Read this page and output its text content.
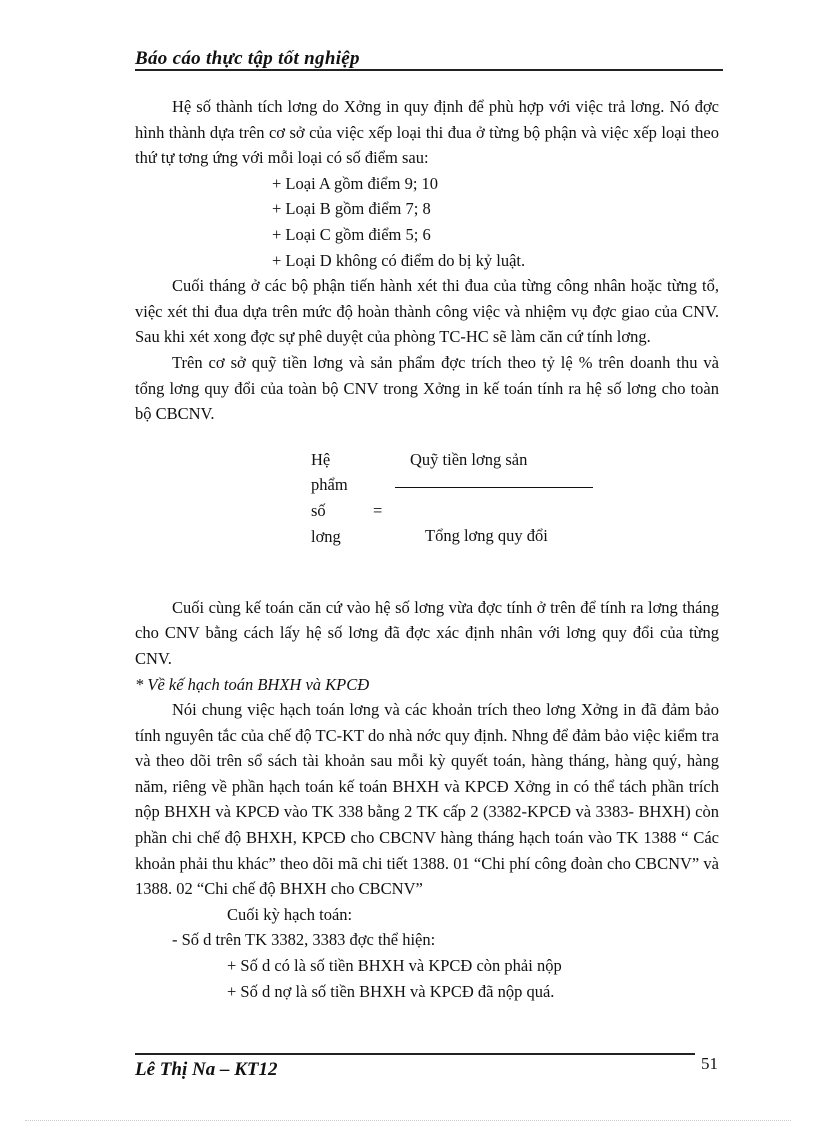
Báo cáo thực tập tốt nghiệp

Hệ số thành tích lơng do Xởng in quy định để phù hợp với việc trả lơng. Nó đợc hình thành dựa trên cơ sở của việc xếp loại thi đua ở từng bộ phận và việc xếp loại theo thứ tự tơng ứng với mỗi loại có số điểm sau:

+ Loại A gồm điểm 9; 10

+ Loại B gồm điểm 7; 8

+ Loại C gồm điểm 5; 6

+ Loại D không có điểm do bị kỷ luật.

Cuối tháng ở các bộ phận tiến hành xét thi đua của từng công nhân hoặc từng tổ, việc xét thi đua dựa trên mức độ hoàn thành công việc và nhiệm vụ đợc giao của CNV. Sau khi xét xong đợc sự phê duyệt của phòng TC-HC sẽ làm căn cứ tính lơng.

Trên cơ sở quỹ tiền lơng và sản phẩm đợc trích theo tỷ lệ % trên doanh thu và tổng lơng quy đổi của toàn bộ CNV trong Xởng in kế toán tính ra hệ số lơng cho toàn bộ CBCNV.

Hệ
phẩm
số
lơng
=
Quỹ tiền lơng sản
Tổng lơng quy đổi

Cuối cùng kế toán căn cứ vào hệ số lơng vừa đợc tính ở trên để tính ra lơng tháng cho CNV bằng cách lấy hệ số lơng đã đợc xác định nhân với lơng quy đổi của từng CNV.

* Về kế hạch toán BHXH và KPCĐ

Nói chung việc hạch toán lơng và các khoản trích theo lơng Xởng in đã đảm bảo tính nguyên tắc của chế độ TC-KT do nhà nớc quy định. Nhng để đảm bảo việc kiểm tra và theo dõi trên sổ sách tài khoản sau mỗi kỳ quyết toán, hàng tháng, hàng quý, hàng năm, riêng về phần hạch toán kế toán BHXH và KPCĐ Xởng in có thể tách phần trích nộp BHXH và KPCĐ vào TK 338 bằng 2 TK cấp 2 (3382-KPCĐ và 3383- BHXH) còn phần chi chế độ BHXH, KPCĐ cho CBCNV hàng tháng hạch toán vào TK 1388 “ Các khoản phải thu khác” theo dõi mã chi tiết 1388. 01 “Chi phí công đoàn cho CBCNV” và 1388. 02 “Chi chế độ BHXH cho CBCNV”

Cuối kỳ hạch toán:

- Số d trên TK 3382, 3383 đợc thể hiện:

+ Số d có là số tiền BHXH và KPCĐ còn phải nộp

+ Số d nợ là số tiền BHXH và KPCĐ đã nộp quá.

Lê Thị Na – KT12	51
